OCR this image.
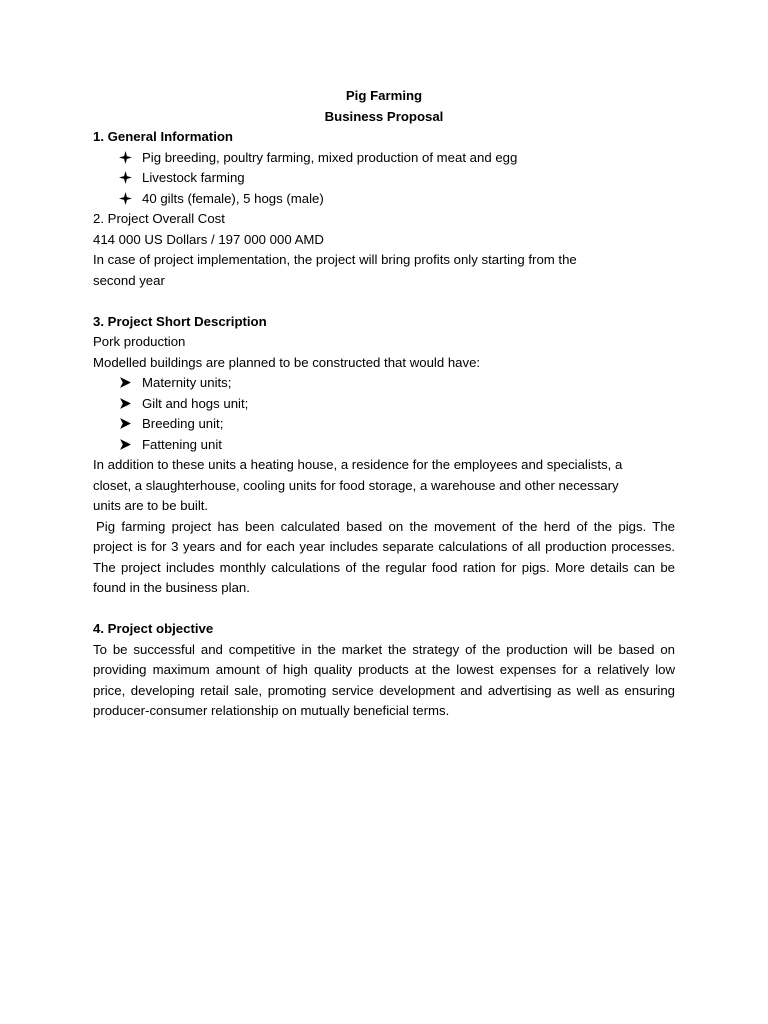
Pig Farming
Business Proposal
1. General Information
Pig breeding, poultry farming, mixed production of meat and egg
Livestock farming
40 gilts (female), 5 hogs (male)
2. Project Overall Cost
414 000 US Dollars / 197 000 000 AMD
In case of project implementation, the project will bring profits only starting from the
second year
3. Project Short Description
Pork production
Modelled buildings are planned to be constructed that would have:
Maternity units;
Gilt and hogs unit;
Breeding unit;
Fattening unit
In addition to these units a heating house, a residence for the employees and specialists, a
closet, a slaughterhouse, cooling units for food storage, a warehouse and other necessary
units are to be built.
Pig farming project has been calculated based on the movement of the herd of the pigs. The project is for 3 years and for each year includes separate calculations of all production processes. The project includes monthly calculations of the regular food ration for pigs. More details can be found in the business plan.
4. Project objective
To be successful and competitive in the market the strategy of the production will be based on providing maximum amount of high quality products at the lowest expenses for a relatively low price, developing retail sale, promoting service development and advertising as well as ensuring producer-consumer relationship on mutually beneficial terms.
